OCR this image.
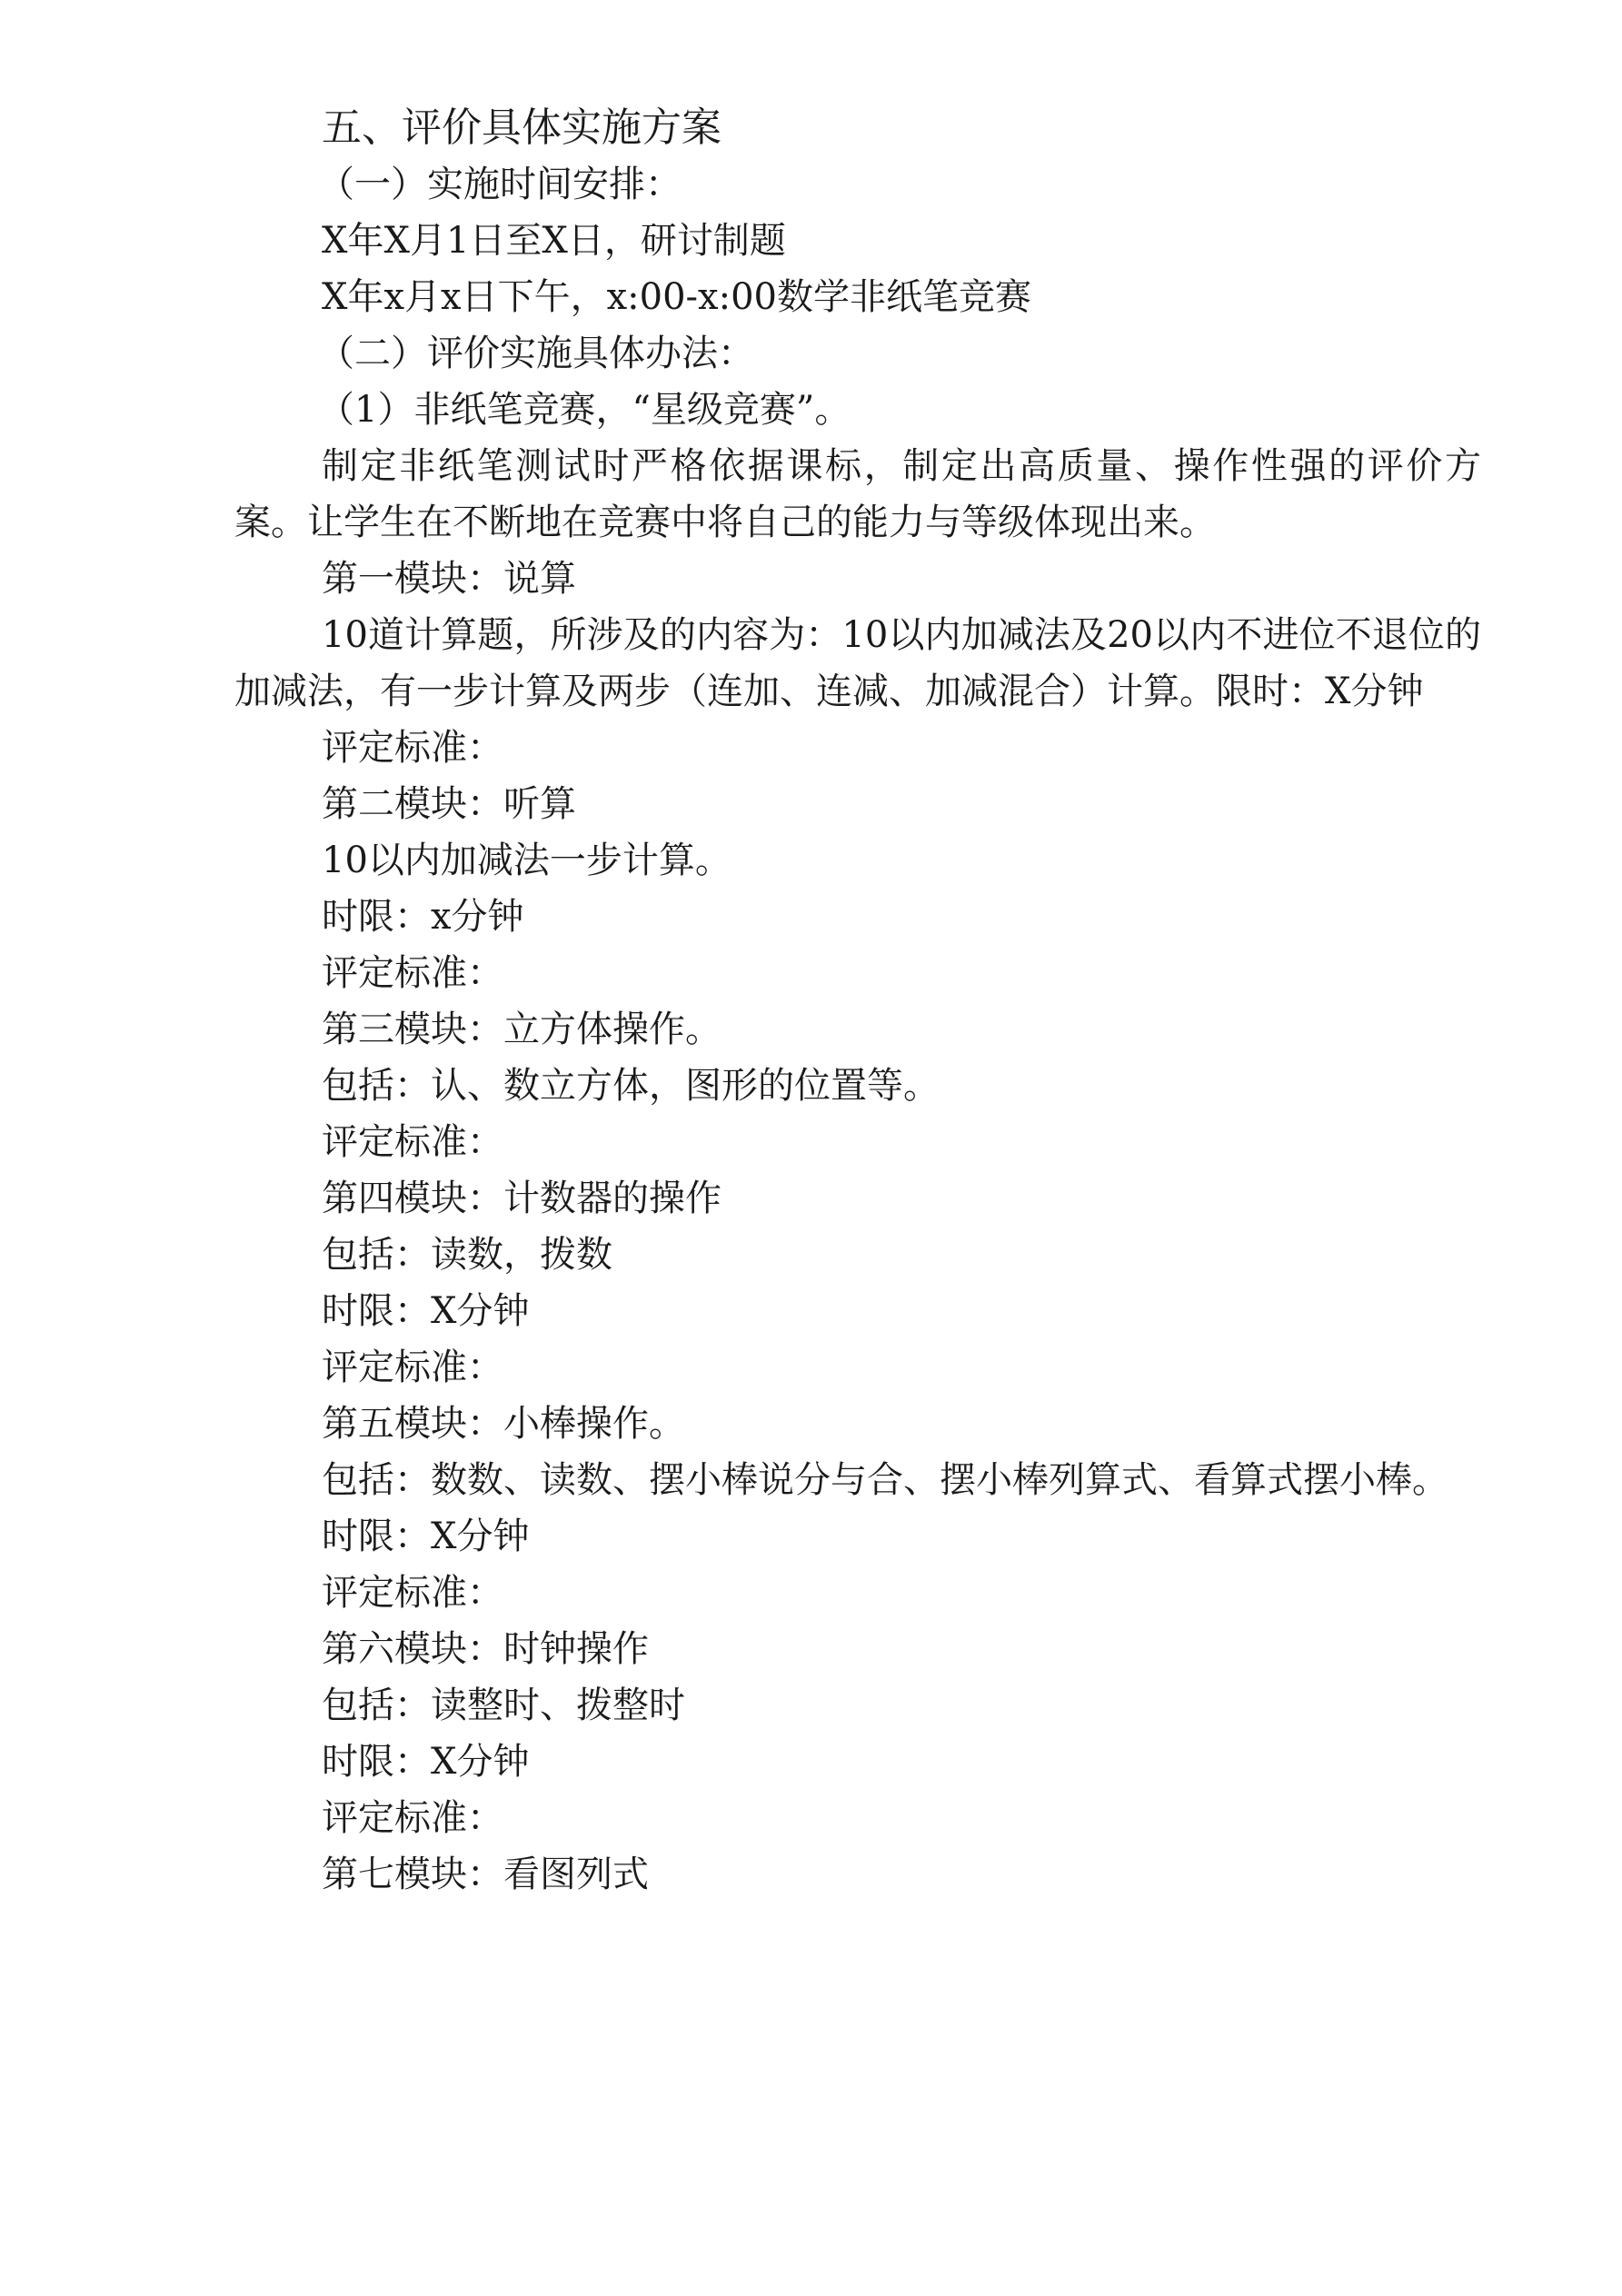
五、评价具体实施方案

（一）实施时间安排：

X年X月1日至X日，研讨制题

X年x月x日下午，x:00-x:00数学非纸笔竞赛

（二）评价实施具体办法：

（1）非纸笔竞赛，“星级竞赛”。

制定非纸笔测试时严格依据课标，制定出高质量、操作性强的评价方案。让学生在不断地在竞赛中将自己的能力与等级体现出来。

第一模块：说算

10道计算题，所涉及的内容为：10以内加减法及20以内不进位不退位的加减法，有一步计算及两步（连加、连减、加减混合）计算。限时：X分钟

评定标准：

第二模块：听算

10以内加减法一步计算。

时限：x分钟

评定标准：

第三模块：立方体操作。

包括：认、数立方体，图形的位置等。

评定标准：

第四模块：计数器的操作

包括：读数，拨数

时限：X分钟

评定标准：

第五模块：小棒操作。

包括：数数、读数、摆小棒说分与合、摆小棒列算式、看算式摆小棒。

时限：X分钟

评定标准：

第六模块：时钟操作

包括：读整时、拨整时

时限：X分钟

评定标准：

第七模块：看图列式
